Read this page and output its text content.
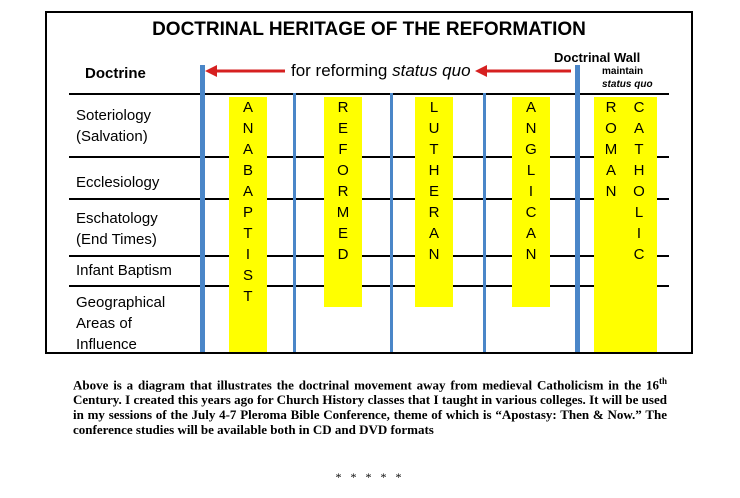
DOCTRINAL HERITAGE OF THE REFORMATION
Doctrine	for reforming status quo
Doctrinal Wall
maintain
status quo
A
N
A
B
A
P
T
I
S
T
R
E
F
O
R
M
E
D
L
U
T
H
E
R
A
N
A
N
G
L
I
C
A
N
R
O
M
A
N
C
A
T
H
O
L
I
C
Soteriology
(Salvation)
Ecclesiology
Eschatology
(End Times)
Infant Baptism
Geographical
Areas of
Influence
Above is a diagram that illustrates the doctrinal movement away from medieval Catholicism in the 16th Century. I created this years ago for Church History classes that I taught in various colleges. It will be used in my sessions of the July 4-7 Pleroma Bible Conference, theme of which is “Apostasy: Then & Now.” The conference studies will be available both in CD and DVD formats
* * * * *
